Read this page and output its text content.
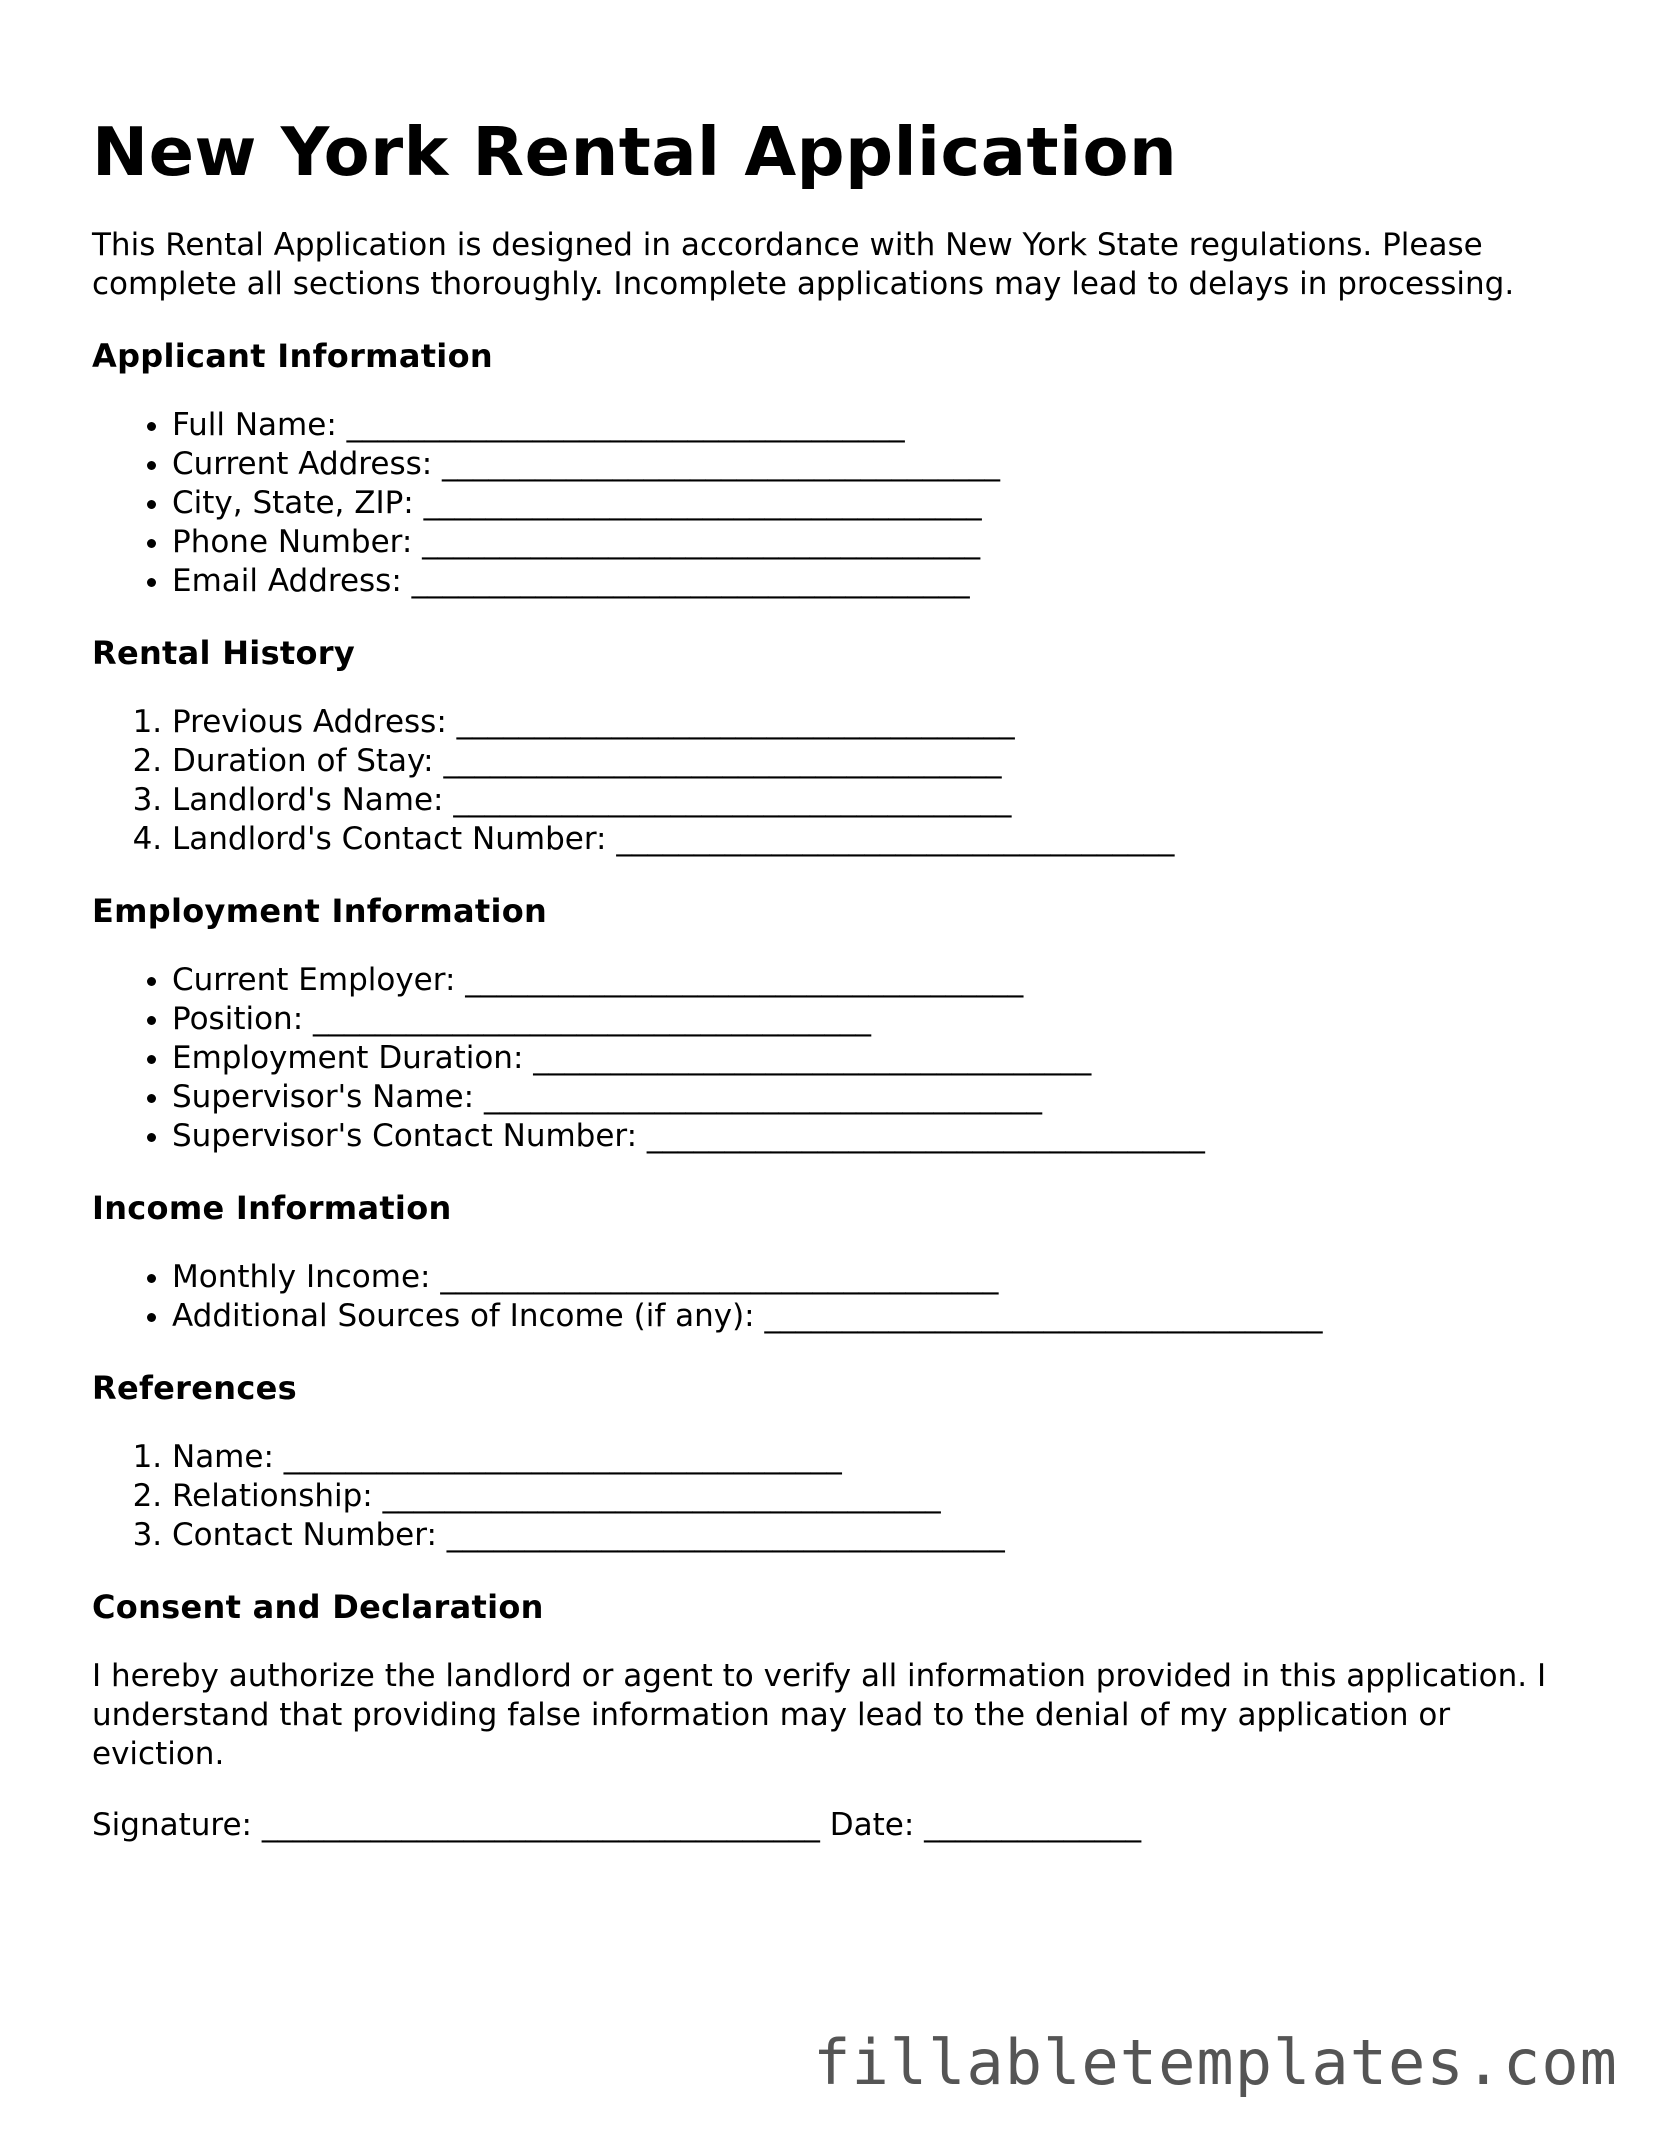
New York Rental Application

This Rental Application is designed in accordance with New York State regulations. Please complete all sections thoroughly. Incomplete applications may lead to delays in processing.

Applicant Information
• Full Name: ____________________________________
• Current Address: ____________________________________
• City, State, ZIP: ____________________________________
• Phone Number: ____________________________________
• Email Address: ____________________________________
Rental History
1. Previous Address: ____________________________________
2. Duration of Stay: ____________________________________
3. Landlord's Name: ____________________________________
4. Landlord's Contact Number: ____________________________________
Employment Information
• Current Employer: ____________________________________
• Position: ____________________________________
• Employment Duration: ____________________________________
• Supervisor's Name: ____________________________________
• Supervisor's Contact Number: ____________________________________
Income Information
• Monthly Income: ____________________________________
• Additional Sources of Income (if any): ____________________________________
References
1. Name: ____________________________________
2. Relationship: ____________________________________
3. Contact Number: ____________________________________
Consent and Declaration

I hereby authorize the landlord or agent to verify all information provided in this application. I understand that providing false information may lead to the denial of my application or eviction.

Signature: ____________________________________ Date: ______________

fillabletemplates.com
